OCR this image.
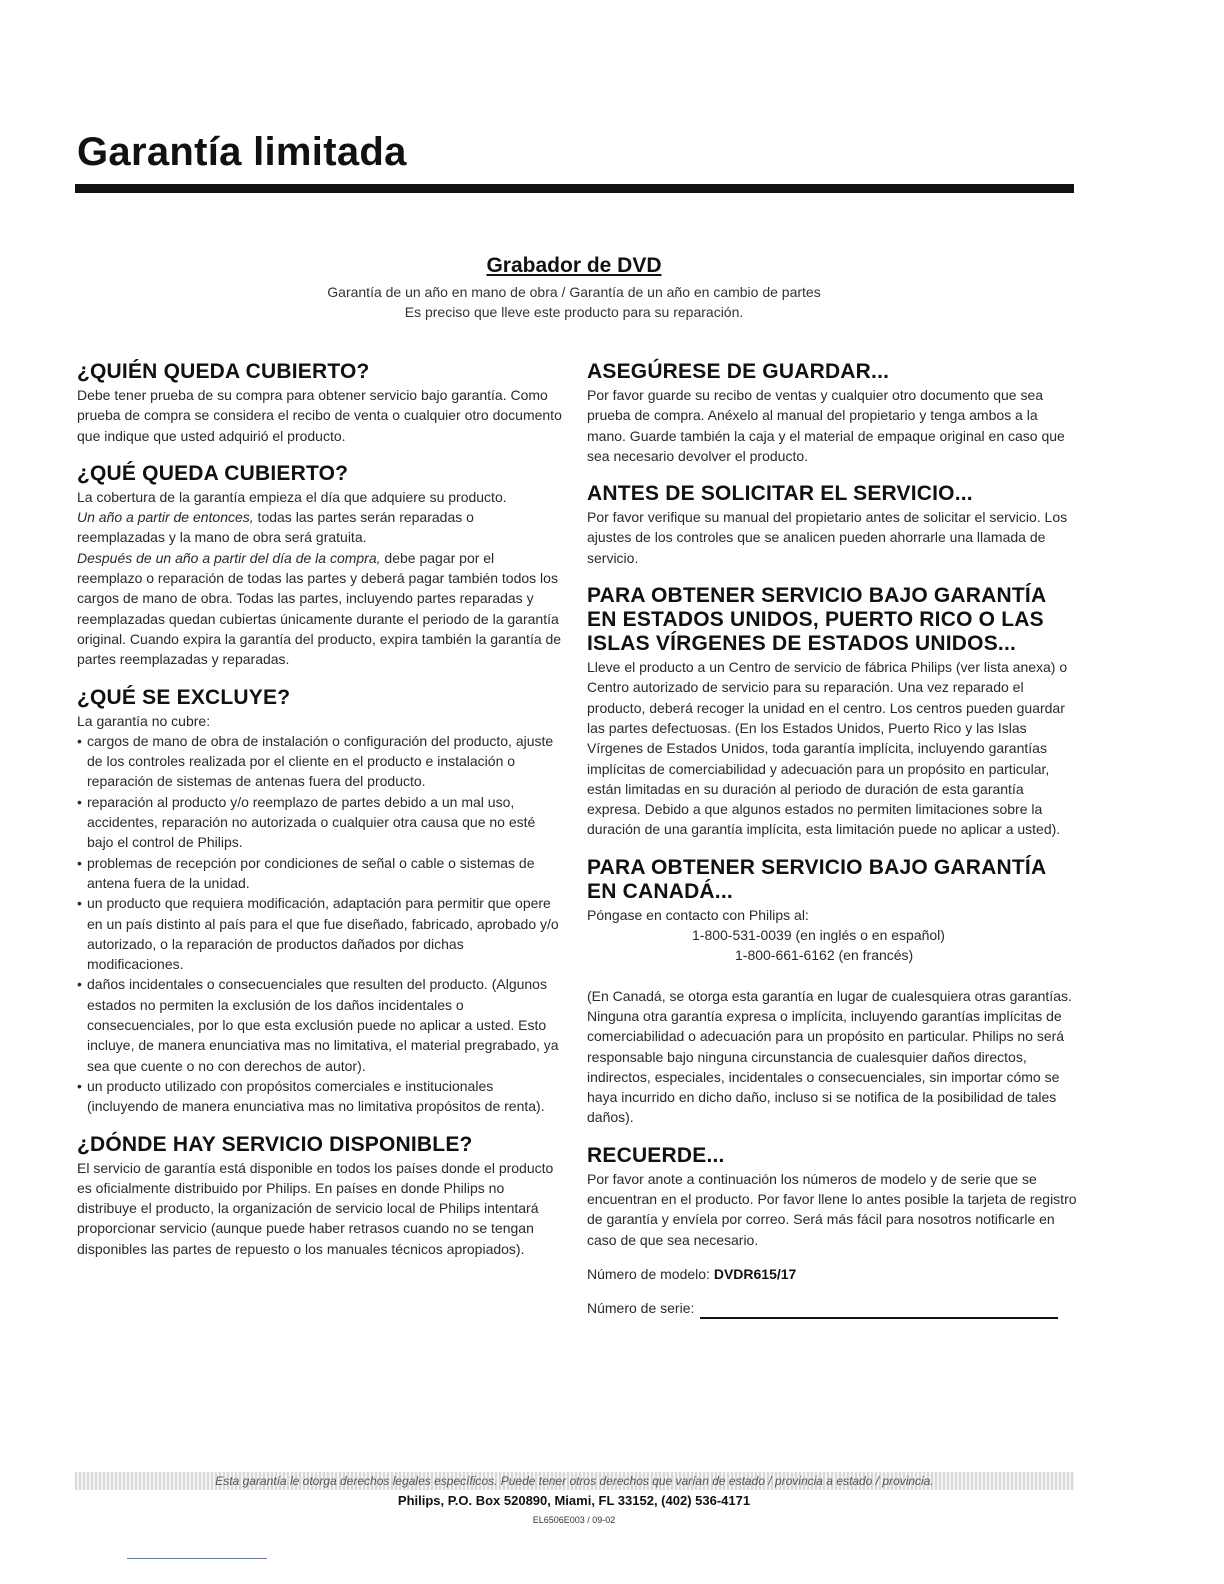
Garantía limitada
Grabador de DVD
Garantía de un año en mano de obra / Garantía de un año en cambio de partes
Es preciso que lleve este producto para su reparación.
¿QUIÉN QUEDA CUBIERTO?

Debe tener prueba de su compra para obtener servicio bajo garantía. Como prueba de compra se considera el recibo de venta o cualquier otro documento que indique que usted adquirió el producto.

¿QUÉ QUEDA CUBIERTO?

La cobertura de la garantía empieza el día que adquiere su producto.

Un año a partir de entonces, todas las partes serán reparadas o reemplazadas y la mano de obra será gratuita.

Después de un año a partir del día de la compra, debe pagar por el reemplazo o reparación de todas las partes y deberá pagar también todos los cargos de mano de obra. Todas las partes, incluyendo partes reparadas y reemplazadas quedan cubiertas únicamente durante el periodo de la garantía original. Cuando expira la garantía del producto, expira también la garantía de partes reemplazadas y reparadas.

¿QUÉ SE EXCLUYE?

La garantía no cubre:

• cargos de mano de obra de instalación o configuración del producto, ajuste de los controles realizada por el cliente en el producto e instalación o reparación de sistemas de antenas fuera del producto.
• reparación al producto y/o reemplazo de partes debido a un mal uso, accidentes, reparación no autorizada o cualquier otra causa que no esté bajo el control de Philips.
• problemas de recepción por condiciones de señal o cable o sistemas de antena fuera de la unidad.
• un producto que requiera modificación, adaptación para permitir que opere en un país distinto al país para el que fue diseñado, fabricado, aprobado y/o autorizado, o la reparación de productos dañados por dichas modificaciones.
• daños incidentales o consecuenciales que resulten del producto. (Algunos estados no permiten la exclusión de los daños incidentales o consecuenciales, por lo que esta exclusión puede no aplicar a usted. Esto incluye, de manera enunciativa mas no limitativa, el material pregrabado, ya sea que cuente o no con derechos de autor).
• un producto utilizado con propósitos comerciales e institucionales (incluyendo de manera enunciativa mas no limitativa propósitos de renta).
¿DÓNDE HAY SERVICIO DISPONIBLE?

El servicio de garantía está disponible en todos los países donde el producto es oficialmente distribuido por Philips. En países en donde Philips no distribuye el producto, la organización de servicio local de Philips intentará proporcionar servicio (aunque puede haber retrasos cuando no se tengan disponibles las partes de repuesto o los manuales técnicos apropiados).

ASEGÚRESE DE GUARDAR...

Por favor guarde su recibo de ventas y cualquier otro documento que sea prueba de compra. Anéxelo al manual del propietario y tenga ambos a la mano. Guarde también la caja y el material de empaque original en caso que sea necesario devolver el producto.

ANTES DE SOLICITAR EL SERVICIO...

Por favor verifique su manual del propietario antes de solicitar el servicio. Los ajustes de los controles que se analicen pueden ahorrarle una llamada de servicio.

PARA OBTENER SERVICIO BAJO GARANTÍA EN ESTADOS UNIDOS, PUERTO RICO O LAS ISLAS VÍRGENES DE ESTADOS UNIDOS...

Lleve el producto a un Centro de servicio de fábrica Philips (ver lista anexa) o Centro autorizado de servicio para su reparación. Una vez reparado el producto, deberá recoger la unidad en el centro. Los centros pueden guardar las partes defectuosas. (En los Estados Unidos, Puerto Rico y las Islas Vírgenes de Estados Unidos, toda garantía implícita, incluyendo garantías implícitas de comerciabilidad y adecuación para un propósito en particular, están limitadas en su duración al periodo de duración de esta garantía expresa. Debido a que algunos estados no permiten limitaciones sobre la duración de una garantía implícita, esta limitación puede no aplicar a usted).

PARA OBTENER SERVICIO BAJO GARANTÍA EN CANADÁ...

Póngase en contacto con Philips al:

1-800-531-0039 (en inglés o en español)

1-800-661-6162 (en francés)

(En Canadá, se otorga esta garantía en lugar de cualesquiera otras garantías. Ninguna otra garantía expresa o implícita, incluyendo garantías implícitas de comerciabilidad o adecuación para un propósito en particular. Philips no será responsable bajo ninguna circunstancia de cualesquier daños directos, indirectos, especiales, incidentales o consecuenciales, sin importar cómo se haya incurrido en dicho daño, incluso si se notifica de la posibilidad de tales daños).

RECUERDE...

Por favor anote a continuación los números de modelo y de serie que se encuentran en el producto. Por favor llene lo antes posible la tarjeta de registro de garantía y envíela por correo. Será más fácil para nosotros notificarle en caso de que sea necesario.

Número de modelo: DVDR615/17

Número de serie:

Esta garantía le otorga derechos legales específicos. Puede tener otros derechos que varían de estado / provincia a estado / provincia.
Philips, P.O. Box 520890, Miami, FL 33152, (402) 536-4171
EL6506E003 / 09-02
